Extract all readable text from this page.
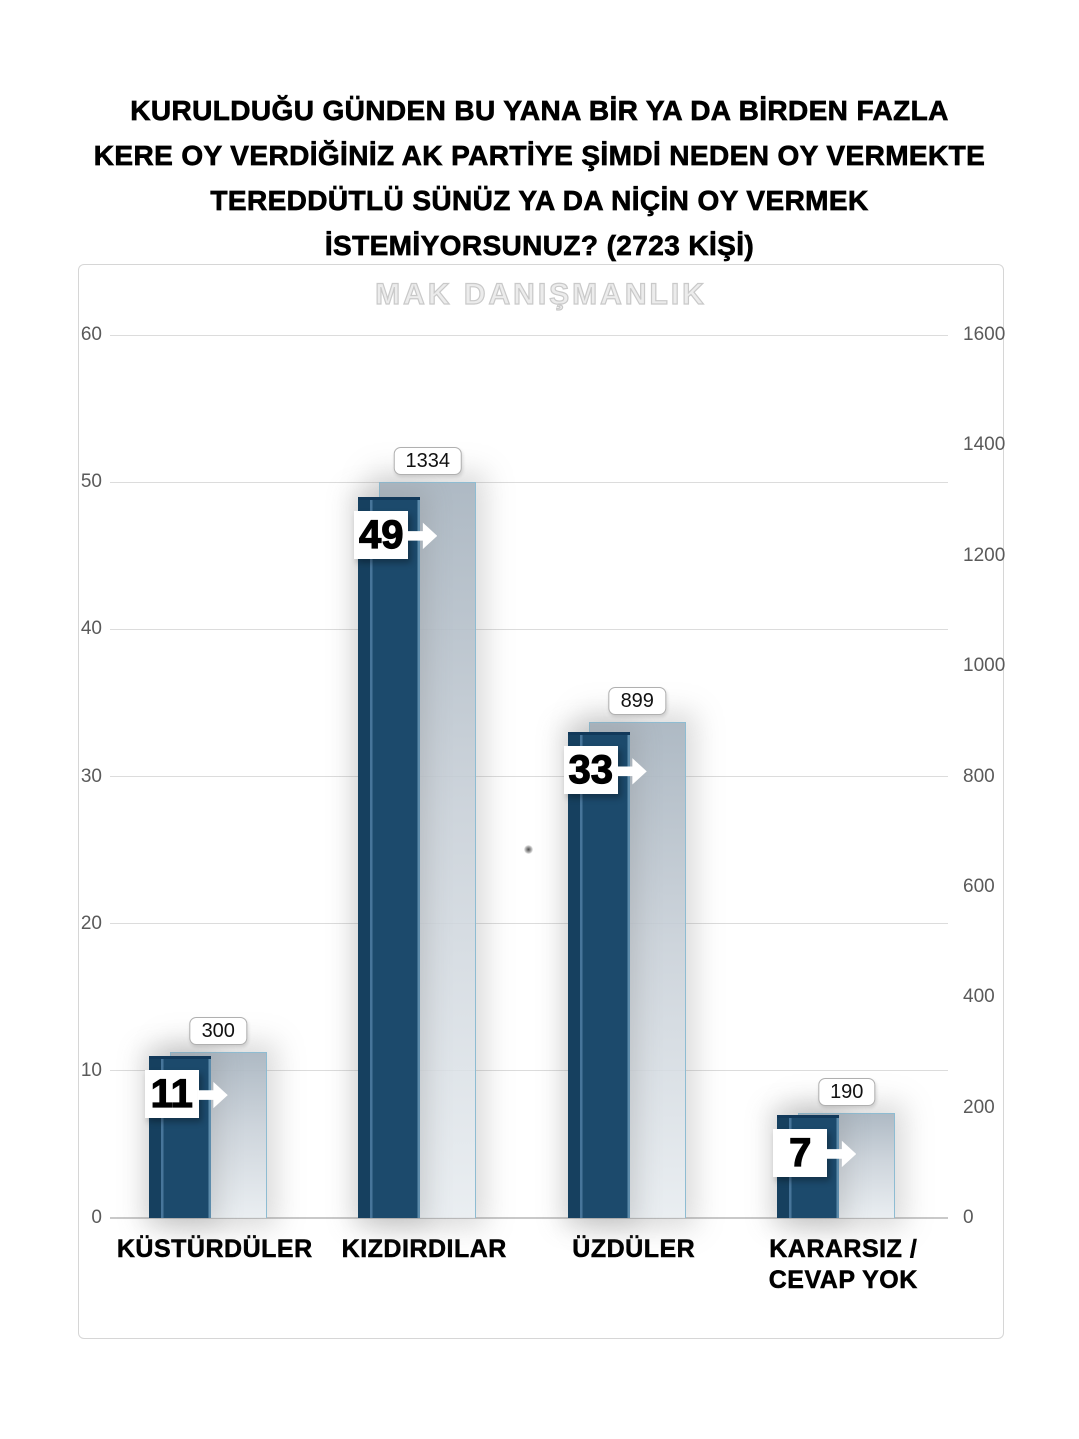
KURULDUĞU GÜNDEN BU YANA BİR YA DA BİRDEN FAZLA
KERE OY VERDİĞİNİZ AK PARTİYE ŞİMDİ NEDEN OY VERMEKTE
TEREDDÜTLÜ SÜNÜZ YA DA NİÇİN OY VERMEK
İSTEMİYORSUNUZ? (2723 KİŞİ)
MAK DANIŞMANLIK
0
10
20
30
40
50
60
0
200
400
600
800
1000
1200
1400
1600
300
11
KÜSTÜRDÜLER
1334
49
KIZDIRDILAR
899
33
ÜZDÜLER
190
7
KARARSIZ / CEVAP YOK
